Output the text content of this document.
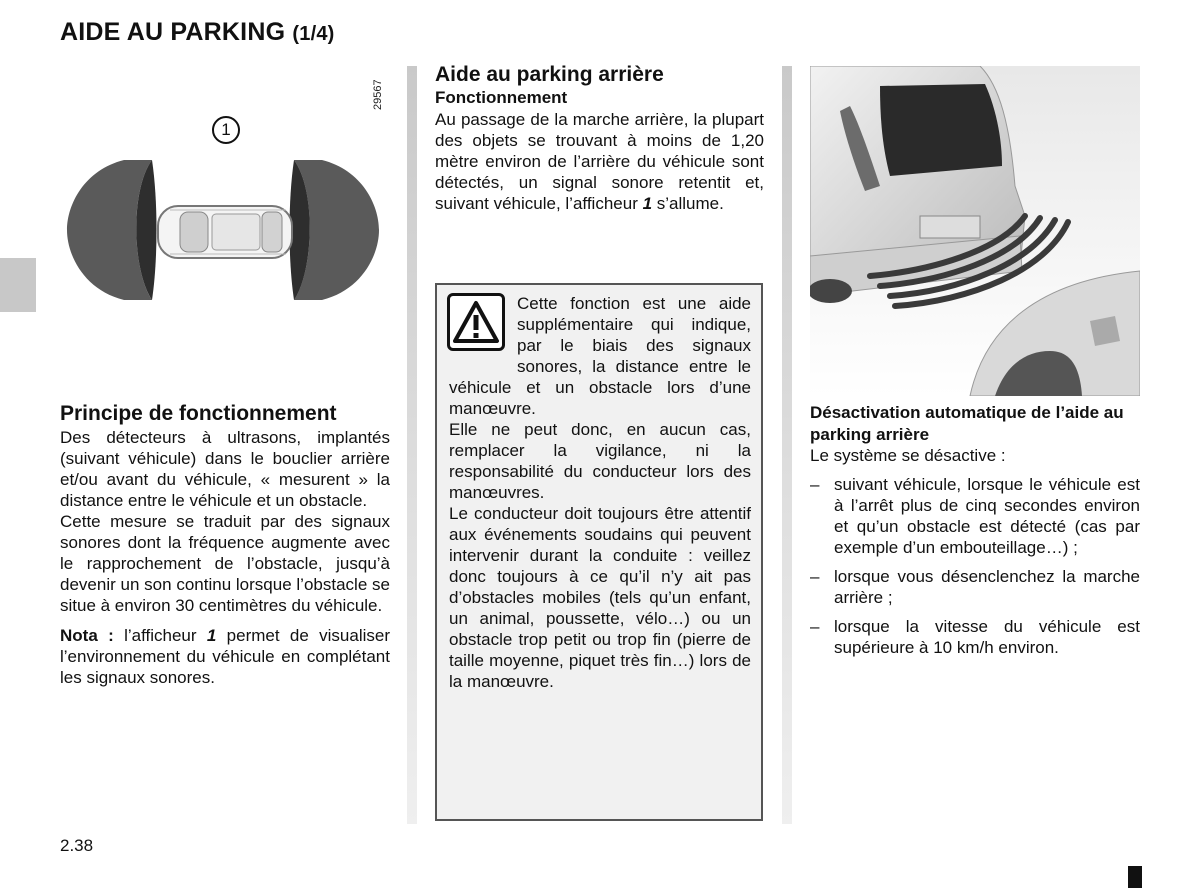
AIDE AU PARKING (1/4)
29567
1
Principe de fonctionnement

Des détecteurs à ultrasons, implantés (suivant véhicule) dans le bouclier arrière et/ou avant du véhicule, « mesurent » la distance entre le véhicule et un obstacle.

Cette mesure se traduit par des signaux sonores dont la fréquence augmente avec le rapprochement de l’obstacle, jusqu’à devenir un son continu lorsque l’obstacle se situe à environ 30 centimètres du véhicule.

Nota : l’afficheur 1 permet de visualiser l’environnement du véhicule en complétant les signaux sonores.

Aide au parking arrière
Fonctionnement

Au passage de la marche arrière, la plupart des objets se trouvant à moins de 1,20 mètre environ de l’arrière du véhicule sont détectés, un signal sonore retentit et, suivant véhicule, l’afficheur 1 s’allume.

Cette fonction est une aide supplémentaire qui indique, par le biais des signaux sonores, la distance entre le véhicule et un obstacle lors d’une manœuvre.

Elle ne peut donc, en aucun cas, remplacer la vigilance, ni la responsabilité du conducteur lors des manœuvres.

Le conducteur doit toujours être attentif aux événements soudains qui peuvent intervenir durant la conduite : veillez donc toujours à ce qu’il n’y ait pas d’obstacles mobiles (tels qu’un enfant, un animal, poussette, vélo…) ou un obstacle trop petit ou trop fin (pierre de taille moyenne, piquet très fin…) lors de la manœuvre.

Désactivation automatique de l’aide au parking arrière
Le système se désactive :
– suivant véhicule, lorsque le véhicule est à l’arrêt plus de cinq secondes environ et qu’un obstacle est détecté (cas par exemple d’un embouteillage…) ;
– lorsque vous désenclenchez la marche arrière ;
– lorsque la vitesse du véhicule est supérieure à 10 km/h environ.
2.38
